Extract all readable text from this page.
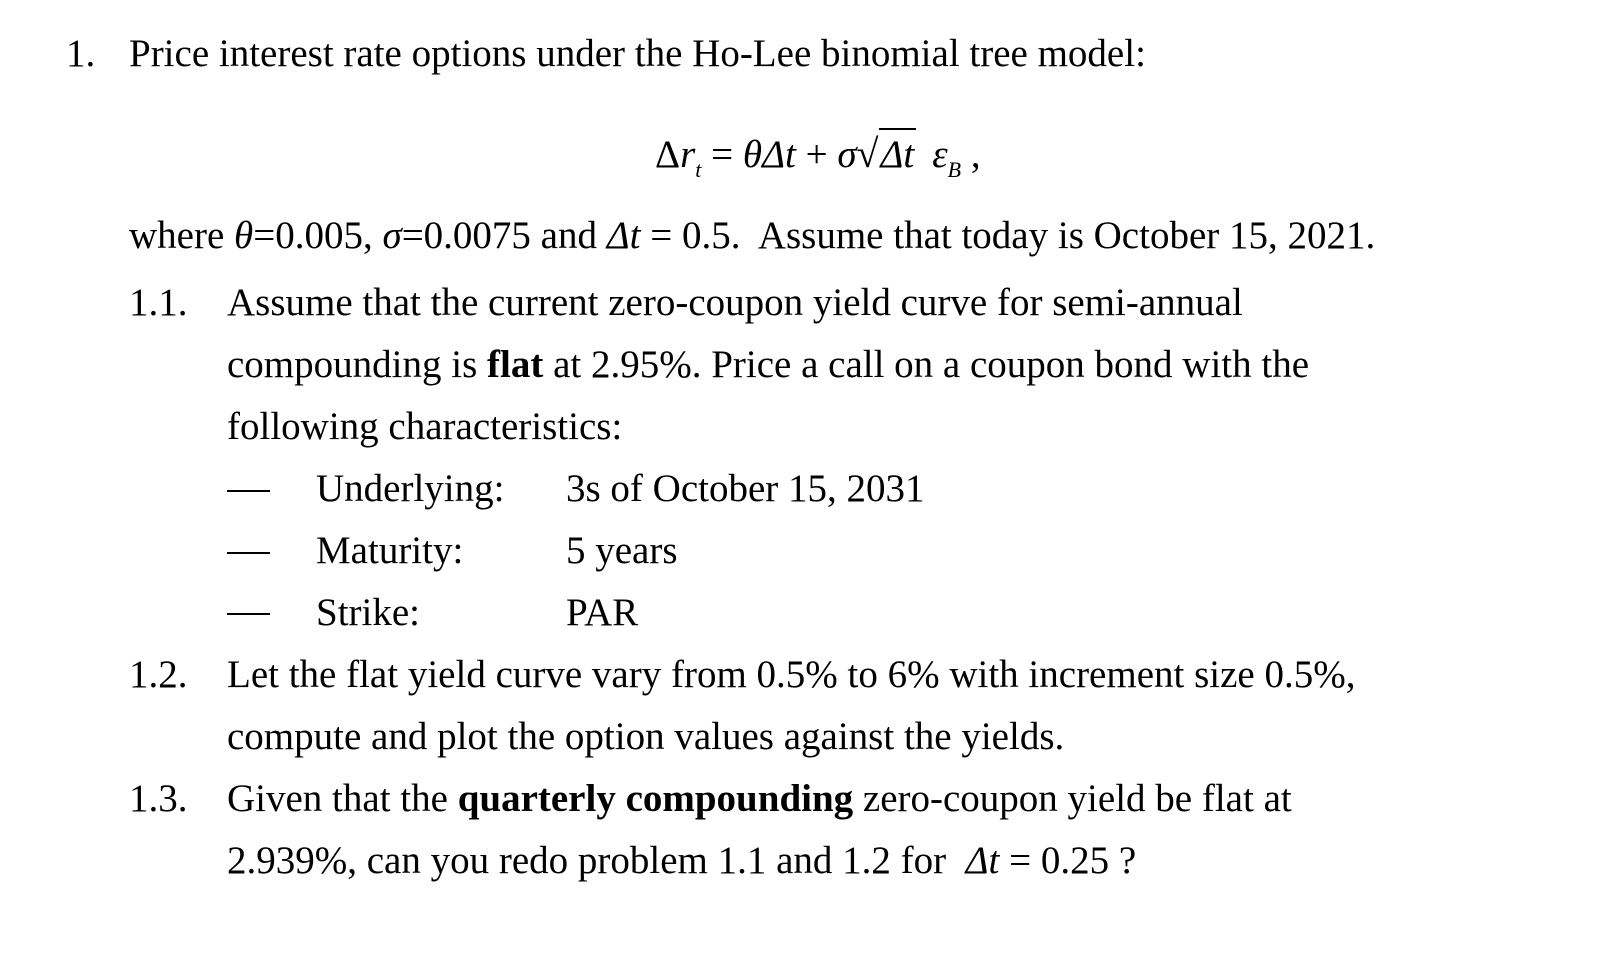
1. Price interest rate options under the Ho-Lee binomial tree model:
Δ r t = θ Δt + σ √ Δt ε B ,
where θ =0.005, σ =0.0075 and Δt = 0.5.  Assume that today is October 15, 2021.
1.1. Assume that the current zero-coupon yield curve for semi-annual
compounding is flat at 2.95%. Price a call on a coupon bond with the
following characteristics:
Underlying: 3s of October 15, 2031
Maturity:	5 years
Strike:	PAR
1.2. Let the flat yield curve vary from 0.5% to 6% with increment size 0.5%,
compute and plot the option values against the yields.
1.3. Given that the quarterly compounding zero-coupon yield be flat at
2.939%, can you redo problem 1.1 and 1.2 for  Δt = 0.25 ?
